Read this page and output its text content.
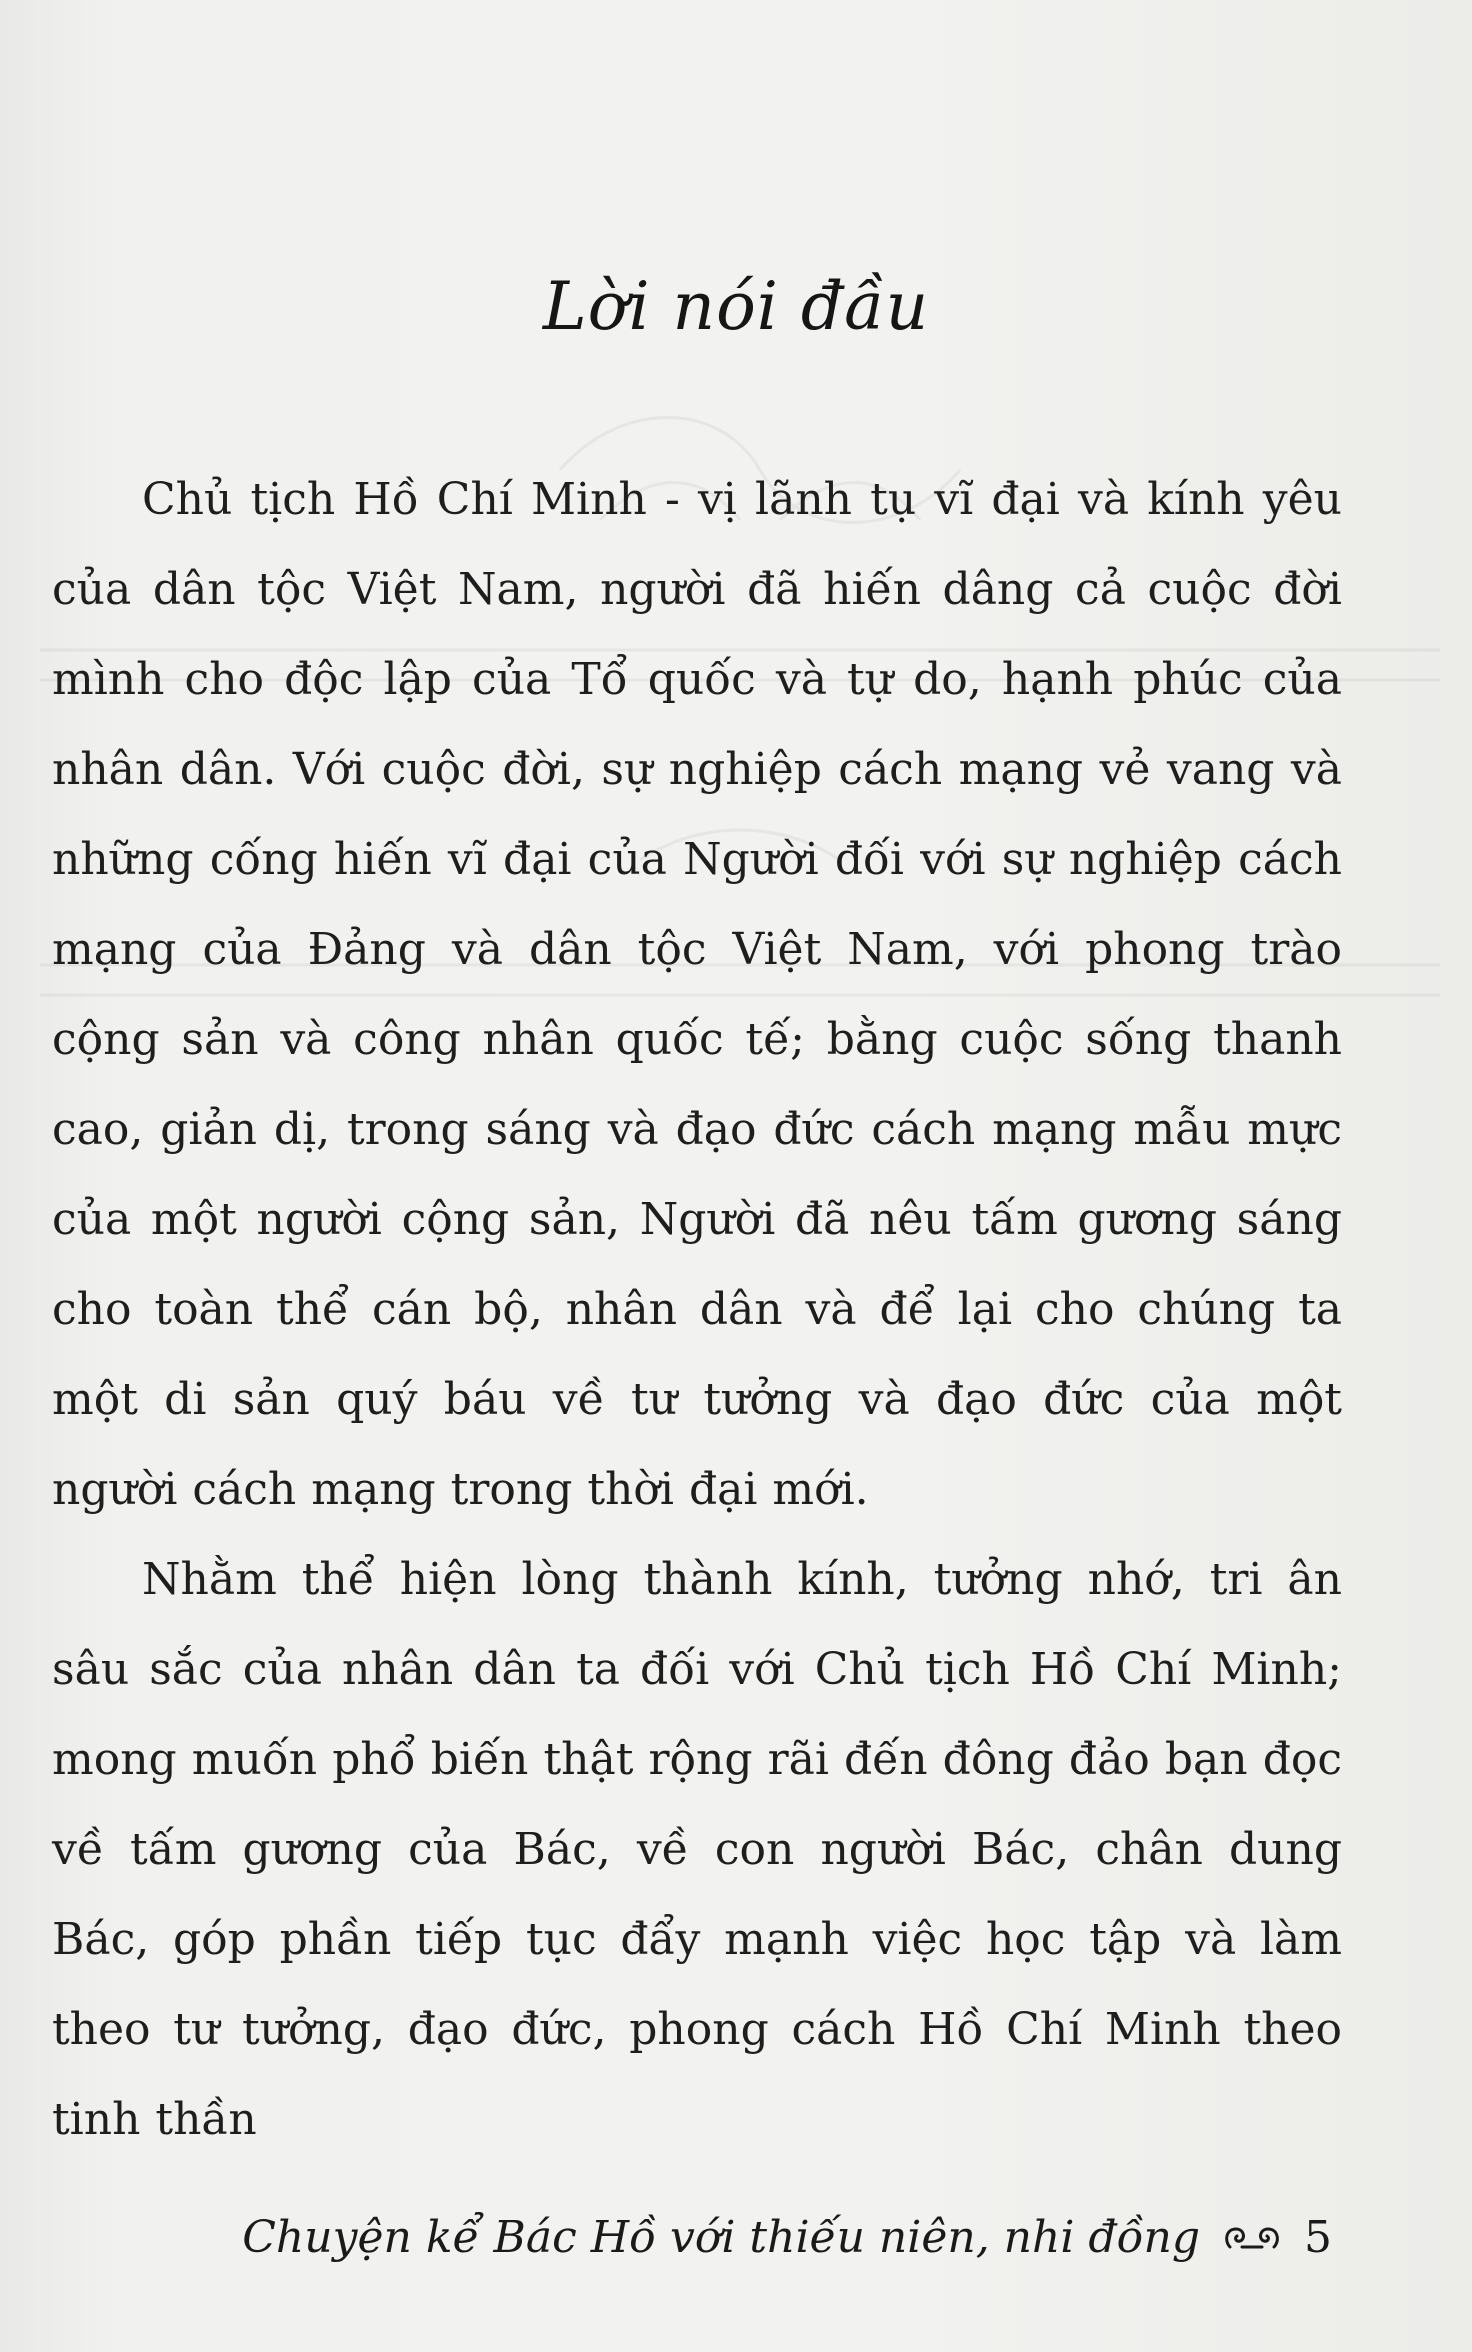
Lời nói đầu

Chủ tịch Hồ Chí Minh - vị lãnh tụ vĩ đại và kính yêu của dân tộc Việt Nam, người đã hiến dâng cả cuộc đời mình cho độc lập của Tổ quốc và tự do, hạnh phúc của nhân dân. Với cuộc đời, sự nghiệp cách mạng vẻ vang và những cống hiến vĩ đại của Người đối với sự nghiệp cách mạng của Đảng và dân tộc Việt Nam, với phong trào cộng sản và công nhân quốc tế; bằng cuộc sống thanh cao, giản dị, trong sáng và đạo đức cách mạng mẫu mực của một người cộng sản, Người đã nêu tấm gương sáng cho toàn thể cán bộ, nhân dân và để lại cho chúng ta một di sản quý báu về tư tưởng và đạo đức của một người cách mạng trong thời đại mới.

Nhằm thể hiện lòng thành kính, tưởng nhớ, tri ân sâu sắc của nhân dân ta đối với Chủ tịch Hồ Chí Minh; mong muốn phổ biến thật rộng rãi đến đông đảo bạn đọc về tấm gương của Bác, về con người Bác, chân dung Bác, góp phần tiếp tục đẩy mạnh việc học tập và làm theo tư tưởng, đạo đức, phong cách Hồ Chí Minh theo tinh thần

Chuyện kể Bác Hồ với thiếu niên, nhi đồng 5
